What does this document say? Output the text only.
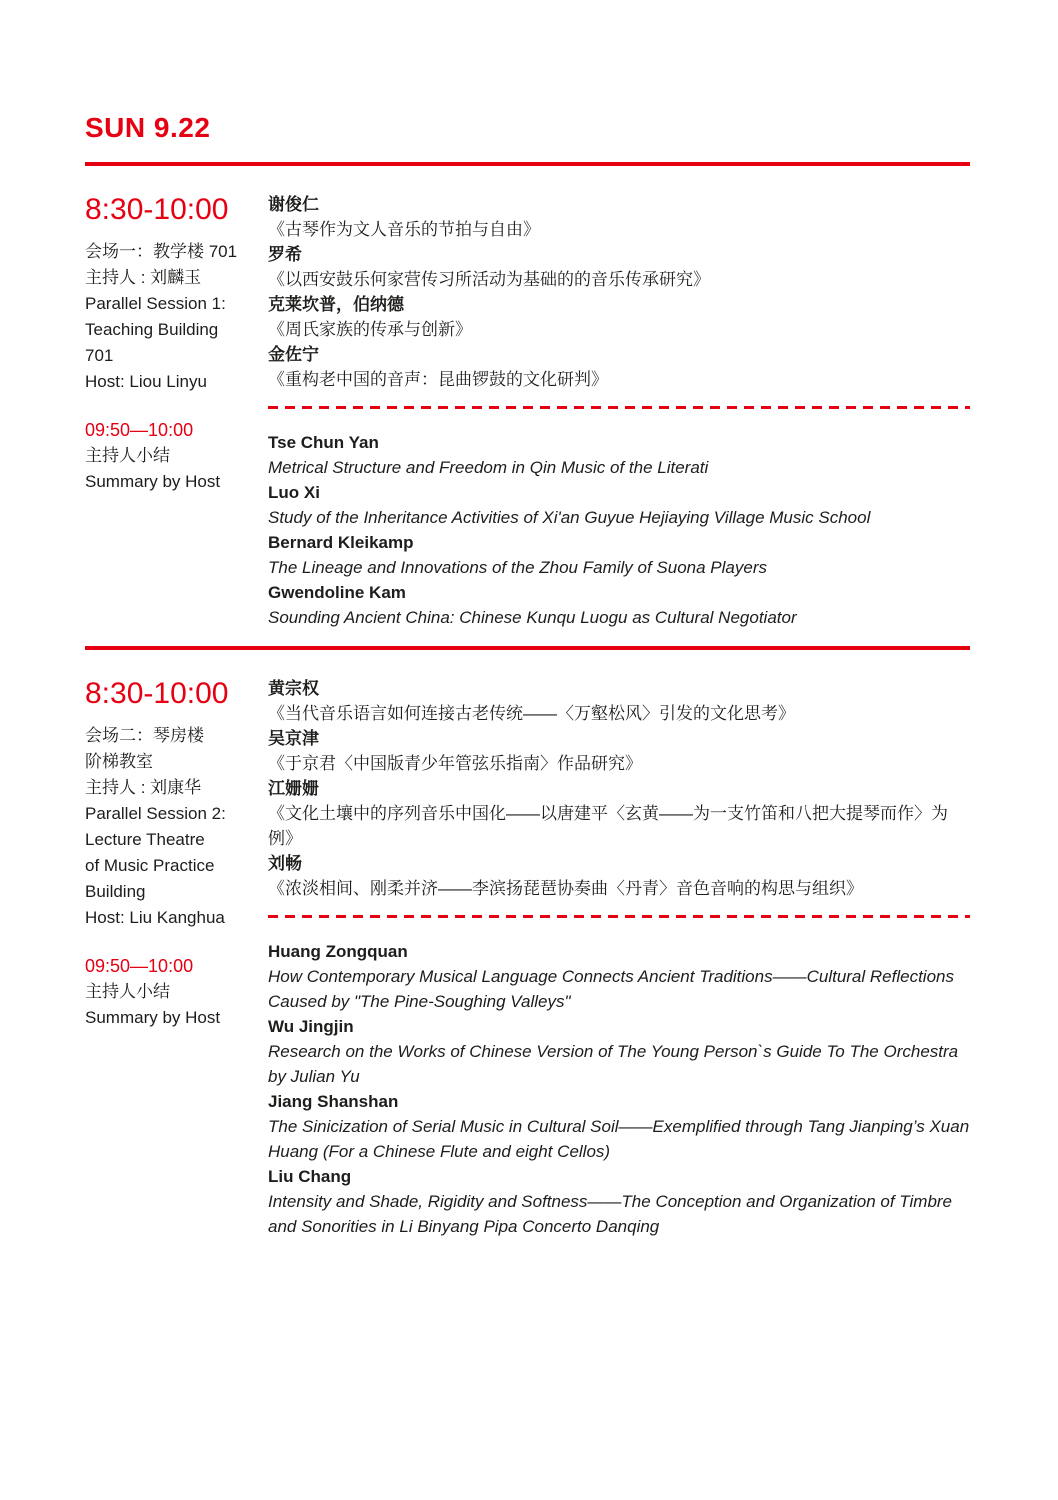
SUN 9.22
8:30-10:00
会场一：教学楼 701
主持人 : 刘麟玉
Parallel Session 1:
Teaching Building
701
Host: Liou Linyu
09:50—10:00
主持人小结
Summary by Host
谢俊仁
《古琴作为文人音乐的节拍与自由》
罗希
《以西安鼓乐何家营传习所活动为基础的的音乐传承研究》
克莱坎普，伯纳德
《周氏家族的传承与创新》
金佐宁
《重构老中国的音声：昆曲锣鼓的文化研判》
Tse Chun Yan
Metrical Structure and Freedom in Qin Music of the Literati
Luo Xi
Study of the Inheritance Activities of Xi'an Guyue Hejiaying Village Music School
Bernard Kleikamp
The Lineage and Innovations of the Zhou Family of Suona Players
Gwendoline Kam
Sounding Ancient China: Chinese Kunqu Luogu as Cultural Negotiator
8:30-10:00
会场二：琴房楼
阶梯教室
主持人 : 刘康华
Parallel Session 2:
Lecture Theatre
of Music Practice
Building
Host: Liu Kanghua
09:50—10:00
主持人小结
Summary by Host
黄宗权
《当代音乐语言如何连接古老传统——〈万壑松风〉引发的文化思考》
吴京津
《于京君〈中国版青少年管弦乐指南〉作品研究》
江姗姗
《文化土壤中的序列音乐中国化——以唐建平〈玄黄——为一支竹笛和八把大提琴而作〉为例》
刘畅
《浓淡相间、刚柔并济——李滨扬琵琶协奏曲〈丹青〉音色音响的构思与组织》
Huang Zongquan
How Contemporary Musical Language Connects Ancient Traditions——Cultural Reflections Caused by "The Pine-Soughing Valleys"
Wu Jingjin
Research on the Works of Chinese Version of The Young Person`s Guide To The Orchestra by Julian Yu
Jiang Shanshan
The Sinicization of Serial Music in Cultural Soil——Exemplified through Tang Jianping’s Xuan Huang (For a Chinese Flute and eight Cellos)
Liu Chang
Intensity and Shade, Rigidity and Softness——The Conception and Organization of Timbre and Sonorities in Li Binyang Pipa Concerto Danqing
